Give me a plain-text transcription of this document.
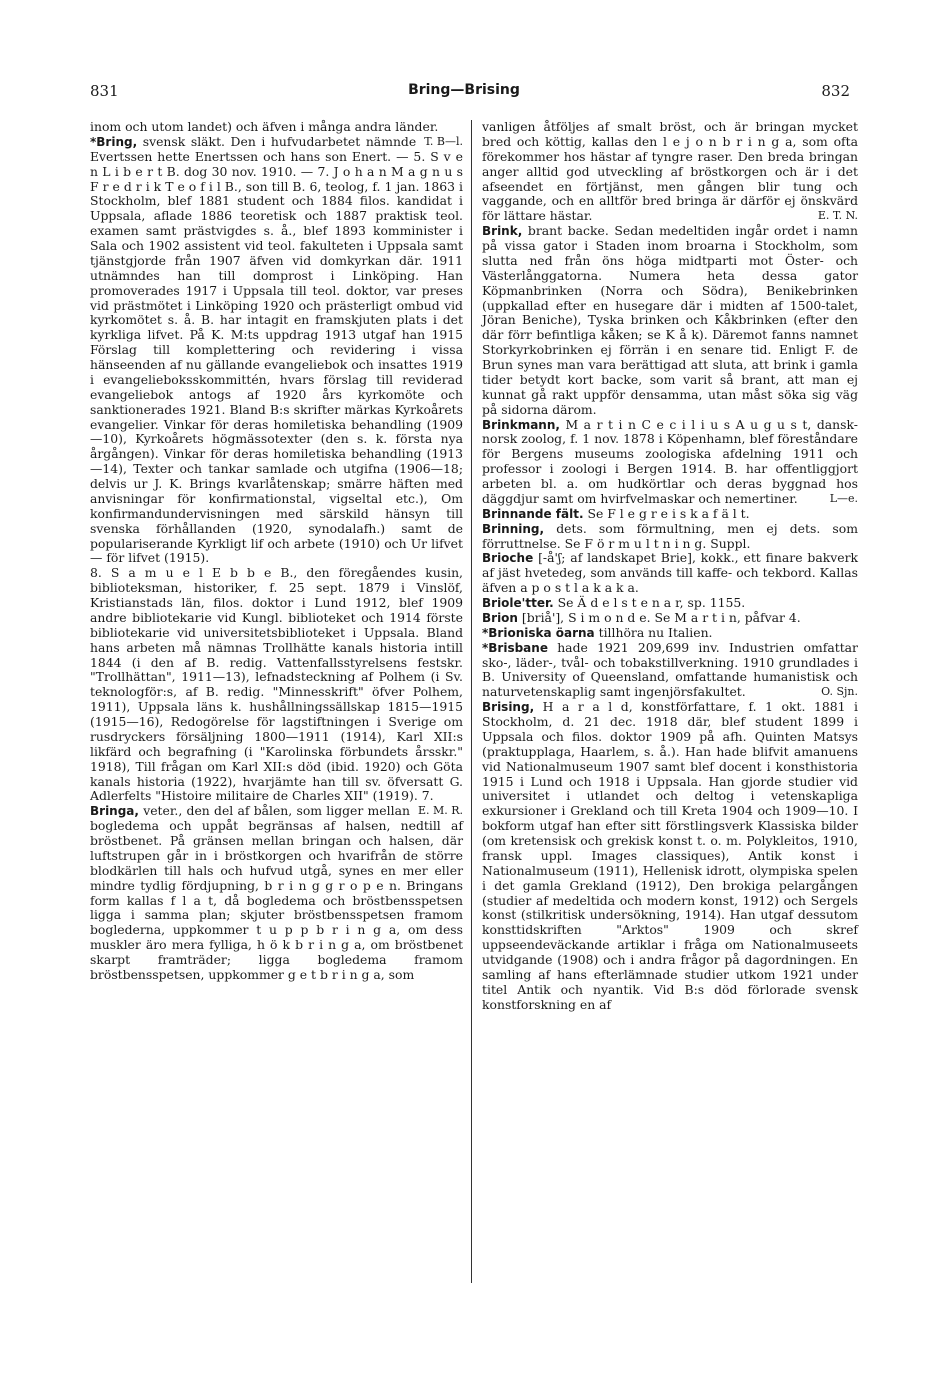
831	Bring—Brising	832

inom och utom landet) och äfven i många andra länder.
T. B—l.

*Bring, svensk släkt. Den i hufvudarbetet nämnde Evertssen hette Enertssen och hans son Enert. — 5. S v e n L i b e r t B. dog 30 nov. 1910. — 7. J o h a n M a g n u s F r e d r i k T e o f i l B., son till B. 6, teolog, f. 1 jan. 1863 i Stockholm, blef 1881 student och 1884 filos. kandidat i Uppsala, aflade 1886 teoretisk och 1887 praktisk teol. examen samt prästvigdes s. å., blef 1893 komminister i Sala och 1902 assistent vid teol. fakulteten i Uppsala samt tjänstgjorde från 1907 äfven vid domkyrkan där. 1911 utnämndes han till domprost i Linköping. Han promoverades 1917 i Uppsala till teol. doktor, var preses vid prästmötet i Linköping 1920 och prästerligt ombud vid kyrkomötet s. å. B. har intagit en framskjuten plats i det kyrkliga lifvet. På K. M:ts uppdrag 1913 utgaf han 1915 Förslag till komplettering och revidering i vissa hänseenden af nu gällande evangeliebok och insattes 1919 i evangelieboksskommittén, hvars förslag till reviderad evangeliebok antogs af 1920 års kyrkomöte och sanktionerades 1921. Bland B:s skrifter märkas Kyrkoårets evangelier. Vinkar för deras homiletiska behandling (1909—10), Kyrkoårets högmässotexter (den s. k. första nya årgången). Vinkar för deras homiletiska behandling (1913—14), Texter och tankar samlade och utgifna (1906—18; delvis ur J. K. Brings kvarlåtenskap; smärre häften med anvisningar för konfirmationstal, vigseltal etc.), Om konfirmandundervisningen med särskild hänsyn till svenska förhållanden (1920, synodalafh.) samt de populariserande Kyrkligt lif och arbete (1910) och Ur lifvet — för lifvet (1915).

8. S a m u e l E b b e B., den föregåendes kusin, biblioteksman, historiker, f. 25 sept. 1879 i Vinslöf, Kristianstads län, filos. doktor i Lund 1912, blef 1909 andre bibliotekarie vid Kungl. biblioteket och 1914 förste bibliotekarie vid universitetsbiblioteket i Uppsala. Bland hans arbeten må nämnas Trollhätte kanals historia intill 1844 (i den af B. redig. Vattenfallsstyrelsens festskr. "Trollhättan", 1911—13), lefnadsteckning af Polhem (i Sv. teknologför:s, af B. redig. "Minnesskrift" öfver Polhem, 1911), Uppsala läns k. hushållningssällskap 1815—1915 (1915—16), Redogörelse för lagstiftningen i Sverige om rusdryckers försäljning 1800—1911 (1914), Karl XII:s likfärd och begrafning (i "Karolinska förbundets årsskr." 1918), Till frågan om Karl XII:s död (ibid. 1920) och Göta kanals historia (1922), hvarjämte han till sv. öfversatt G. Adlerfelts "Histoire militaire de Charles XII" (1919). 7.
E. M. R.

Bringa, veter., den del af bålen, som ligger mellan bogledema och uppåt begränsas af halsen, nedtill af bröstbenet. På gränsen mellan bringan och halsen, där luftstrupen går in i bröstkorgen och hvarifrån de större blodkärlen till hals och hufvud utgå, synes en mer eller mindre tydlig fördjupning, b r i n g g r o p e n. Bringans form kallas f l a t, då bogledema och bröstbensspetsen ligga i samma plan; skjuter bröstbensspetsen framom boglederna, uppkommer t u p p b r i n g a, om dess muskler äro mera fylliga, h ö k b r i n g a, om bröstbenet skarpt framträder; ligga bogledema framom bröstbensspetsen, uppkommer g e t b r i n g a, som

vanligen åtföljes af smalt bröst, och är bringan mycket bred och köttig, kallas den l e j o n b r i n g a, som ofta förekommer hos hästar af tyngre raser. Den breda bringan anger alltid god utveckling af bröstkorgen och är i det afseendet en förtjänst, men gången blir tung och vaggande, och en alltför bred bringa är därför ej önskvärd för lättare hästar.	E. T. N.

Brink, brant backe. Sedan medeltiden ingår ordet i namn på vissa gator i Staden inom broarna i Stockholm, som slutta ned från öns höga midtparti mot Öster- och Västerlånggatorna. Numera heta dessa gator Köpmanbrinken (Norra och Södra), Benikebrinken (uppkallad efter en husegare där i midten af 1500-talet, Jöran Beniche), Tyska brinken och Kåkbrinken (efter den där förr befintliga kåken; se K å k). Däremot fanns namnet Storkyrkobrinken ej förrän i en senare tid. Enligt F. de Brun synes man vara berättigad att sluta, att brink i gamla tider betydt kort backe, som varit så brant, att man ej kunnat gå rakt uppför densamma, utan måst söka sig väg på sidorna därom.

Brinkmann, M a r t i n C e c i l i u s A u g u s t, dansk-norsk zoolog, f. 1 nov. 1878 i Köpenhamn, blef föreståndare för Bergens museums zoologiska afdelning 1911 och professor i zoologi i Bergen 1914. B. har offentliggjort arbeten bl. a. om hudkörtlar och deras byggnad hos däggdjur samt om hvirfvelmaskar och nemertiner.	L—e.

Brinnande fält. Se F l e g r e i s k a f ä l t.

Brinning, dets. som förmultning, men ej dets. som förruttnelse. Se F ö r m u l t n i n g. Suppl.

Brioche [-å'ʃ; af landskapet Brie], kokk., ett finare bakverk af jäst hvetedeg, som används till kaffe- och tekbord. Kallas äfven a p o s t l a k a k a.

Briole'tter. Se Ä d e l s t e n a r, sp. 1155.

Brion [briå'], S i m o n d e. Se M a r t i n, påfvar 4.

*Brioniska öarna tillhöra nu Italien.

*Brisbane hade 1921 209,699 inv. Industrien omfattar sko-, läder-, tvål- och tobakstillverkning. 1910 grundlades i B. University of Queensland, omfattande humanistisk och naturvetenskaplig samt ingenjörsfakultet.	O. Sjn.

Brising, H a r a l d, konstförfattare, f. 1 okt. 1881 i Stockholm, d. 21 dec. 1918 där, blef student 1899 i Uppsala och filos. doktor 1909 på afh. Quinten Matsys (praktupplaga, Haarlem, s. å.). Han hade blifvit amanuens vid Nationalmuseum 1907 samt blef docent i konsthistoria 1915 i Lund och 1918 i Uppsala. Han gjorde studier vid universitet i utlandet och deltog i vetenskapliga exkursioner i Grekland och till Kreta 1904 och 1909—10. I bokform utgaf han efter sitt förstlingsverk Klassiska bilder (om kretensisk och grekisk konst t. o. m. Polykleitos, 1910, fransk uppl. Images classiques), Antik konst i Nationalmuseum (1911), Hellenisk idrott, olympiska spelen i det gamla Grekland (1912), Den brokiga pelargången (studier af medeltida och modern konst, 1912) och Sergels konst (stilkritisk undersökning, 1914). Han utgaf dessutom konsttidskriften "Arktos" 1909 och skref uppseendeväckande artiklar i fråga om Nationalmuseets utvidgande (1908) och i andra frågor på dagordningen. En samling af hans efterlämnade studier utkom 1921 under titel Antik och nyantik. Vid B:s död förlorade svensk konstforskning en af
